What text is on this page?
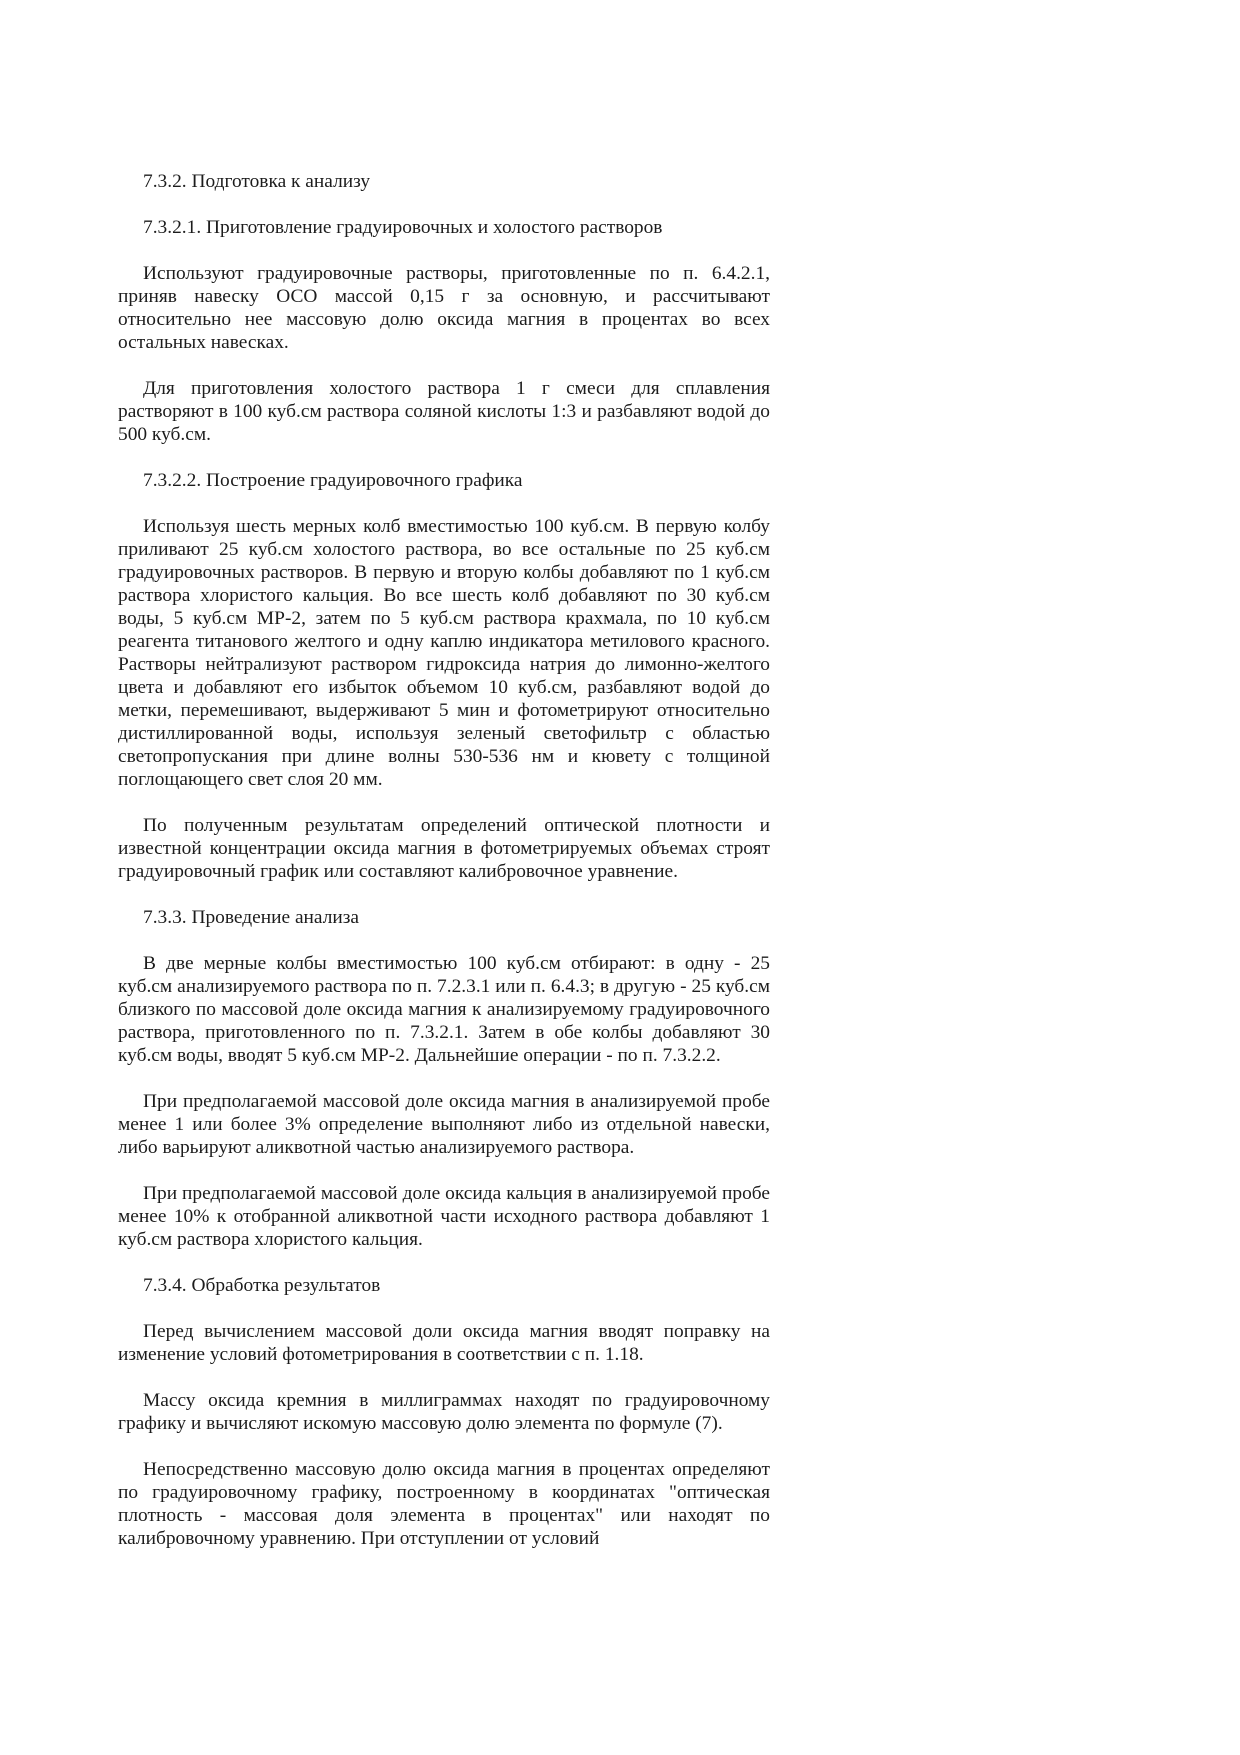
7.3.2. Подготовка к анализу
7.3.2.1. Приготовление градуировочных и холостого растворов
Используют градуировочные растворы, приготовленные по п. 6.4.2.1, приняв навеску ОСО массой 0,15 г за основную, и рассчитывают относительно нее массовую долю оксида магния в процентах во всех остальных навесках.
Для приготовления холостого раствора 1 г смеси для сплавления растворяют в 100 куб.см раствора соляной кислоты 1:3 и разбавляют водой до 500 куб.см.
7.3.2.2. Построение градуировочного графика
Используя шесть мерных колб вместимостью 100 куб.см. В первую колбу приливают 25 куб.см холостого раствора, во все остальные по 25 куб.см градуировочных растворов. В первую и вторую колбы добавляют по 1 куб.см раствора хлористого кальция. Во все шесть колб добавляют по 30 куб.см воды, 5 куб.см МР-2, затем по 5 куб.см раствора крахмала, по 10 куб.см реагента титанового желтого и одну каплю индикатора метилового красного. Растворы нейтрализуют раствором гидроксида натрия до лимонно-желтого цвета и добавляют его избыток объемом 10 куб.см, разбавляют водой до метки, перемешивают, выдерживают 5 мин и фотометрируют относительно дистиллированной воды, используя зеленый светофильтр с областью светопропускания при длине волны 530-536 нм и кювету с толщиной поглощающего свет слоя 20 мм.
По полученным результатам определений оптической плотности и известной концентрации оксида магния в фотометрируемых объемах строят градуировочный график или составляют калибровочное уравнение.
7.3.3. Проведение анализа
В две мерные колбы вместимостью 100 куб.см отбирают: в одну - 25 куб.см анализируемого раствора по п. 7.2.3.1 или п. 6.4.3; в другую - 25 куб.см близкого по массовой доле оксида магния к анализируемому градуировочного раствора, приготовленного по п. 7.3.2.1. Затем в обе колбы добавляют 30 куб.см воды, вводят 5 куб.см МР-2. Дальнейшие операции - по п. 7.3.2.2.
При предполагаемой массовой доле оксида магния в анализируемой пробе менее 1 или более 3% определение выполняют либо из отдельной навески, либо варьируют аликвотной частью анализируемого раствора.
При предполагаемой массовой доле оксида кальция в анализируемой пробе менее 10% к отобранной аликвотной части исходного раствора добавляют 1 куб.см раствора хлористого кальция.
7.3.4. Обработка результатов
Перед вычислением массовой доли оксида магния вводят поправку на изменение условий фотометрирования в соответствии с п. 1.18.
Массу оксида кремния в миллиграммах находят по градуировочному графику и вычисляют искомую массовую долю элемента по формуле (7).
Непосредственно массовую долю оксида магния в процентах определяют по градуировочному графику, построенному в координатах "оптическая плотность - массовая доля элемента в процентах" или находят по калибровочному уравнению. При отступлении от условий
